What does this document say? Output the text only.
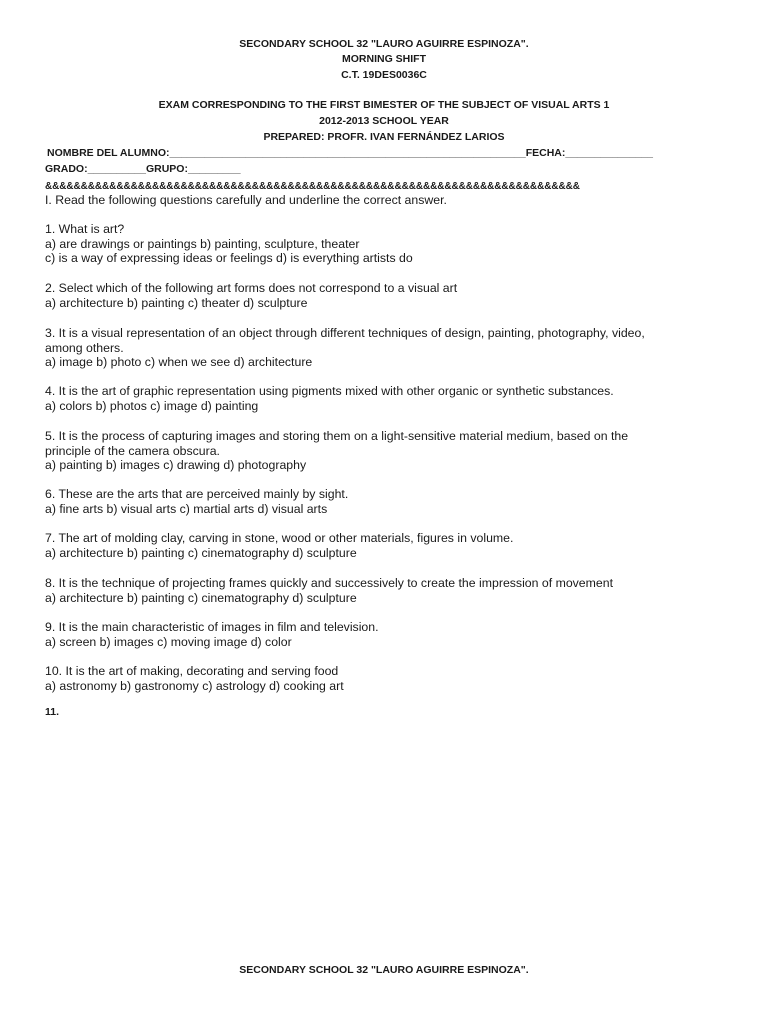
SECONDARY SCHOOL 32 "LAURO AGUIRRE ESPINOZA".
MORNING SHIFT
C.T. 19DES0036C
EXAM CORRESPONDING TO THE FIRST BIMESTER OF THE SUBJECT OF VISUAL ARTS 1
2012-2013 SCHOOL YEAR
PREPARED: PROFR. IVAN FERNÁNDEZ LARIOS
NOMBRE DEL ALUMNO:_____________________________________________________________FECHA:_______________
GRADO:__________GRUPO:_________
&&&&&&&&&&&&&&&&&&&&&&&&&&&&&&&&&&&&&&&&&&&&&&&&&&&&&&&&&&&&&&&&&&&&&&&&&&&
I. Read the following questions carefully and underline the correct answer.
1. What is art?
a) are drawings or paintings b) painting, sculpture, theater
c) is a way of expressing ideas or feelings d) is everything artists do
2. Select which of the following art forms does not correspond to a visual art
a) architecture b) painting c) theater d) sculpture
3. It is a visual representation of an object through different techniques of design, painting, photography, video,
among others.
a) image b) photo c) when we see d) architecture
4. It is the art of graphic representation using pigments mixed with other organic or synthetic substances.
a) colors b) photos c) image d) painting
5. It is the process of capturing images and storing them on a light-sensitive material medium, based on the
principle of the camera obscura.
a) painting b) images c) drawing d) photography
6. These are the arts that are perceived mainly by sight.
a) fine arts b) visual arts c) martial arts d) visual arts
7. The art of molding clay, carving in stone, wood or other materials, figures in volume.
a) architecture b) painting c) cinematography d) sculpture
8. It is the technique of projecting frames quickly and successively to create the impression of movement
a) architecture b) painting c) cinematography d) sculpture
9. It is the main characteristic of images in film and television.
a) screen b) images c) moving image d) color
10. It is the art of making, decorating and serving food
a) astronomy b) gastronomy c) astrology d) cooking art
11.
SECONDARY SCHOOL 32 "LAURO AGUIRRE ESPINOZA".
